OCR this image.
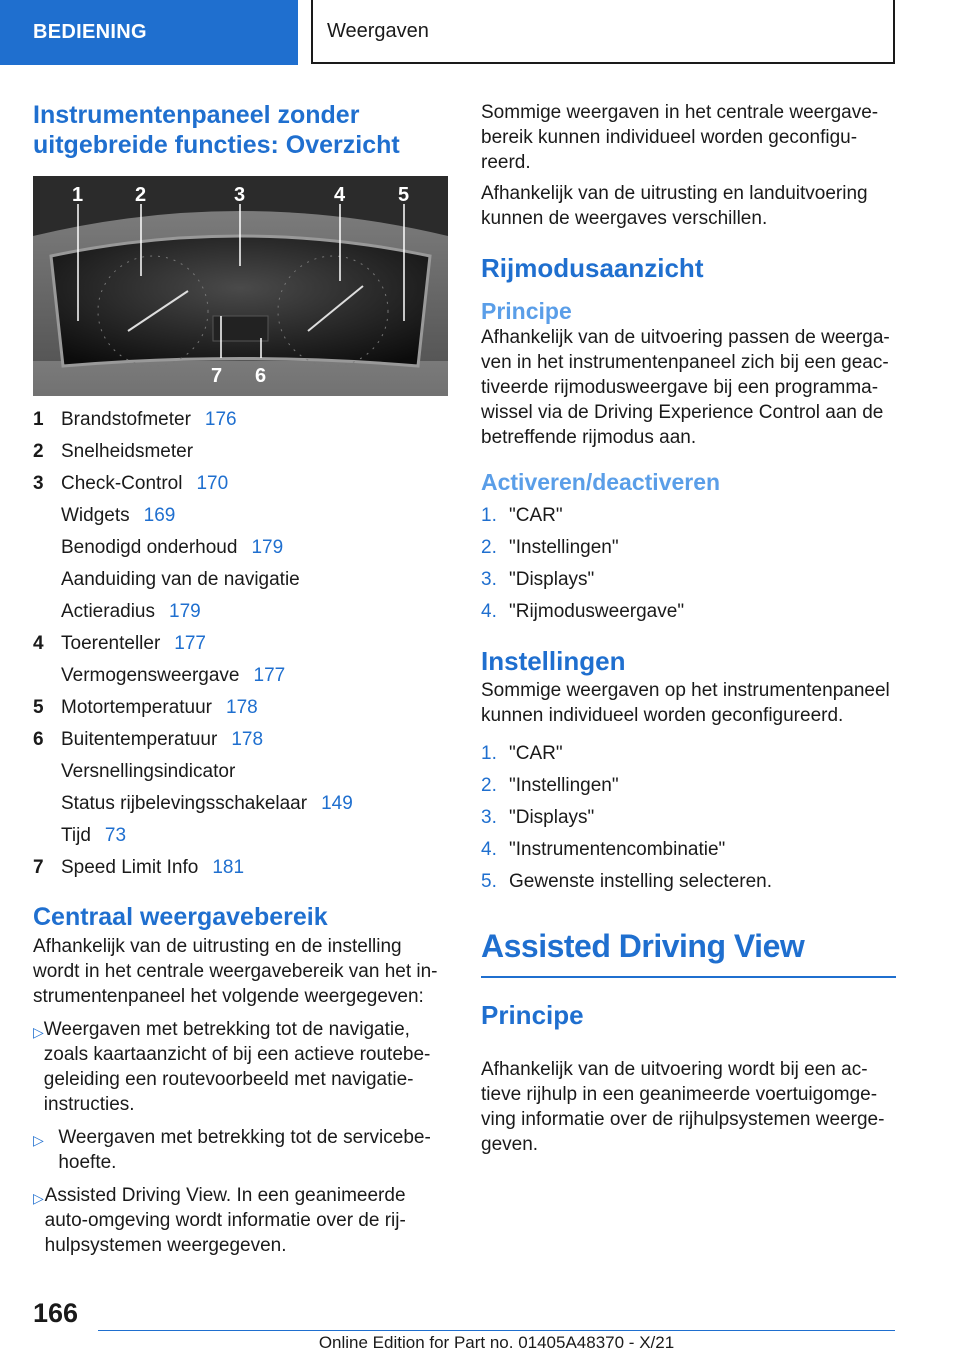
BEDIENING	Weergaven
Instrumentenpaneel zonder uitgebreide functies: Overzicht
1	2	3	4	5
7 6
1 Brandstofmeter 176
2 Snelheidsmeter
3 Check-Control 170
Widgets 169
Benodigd onderhoud 179
Aanduiding van de navigatie
Actieradius 179
4 Toerenteller 177
Vermogensweergave 177
5 Motortemperatuur 178
6 Buitentemperatuur 178
Versnellingsindicator
Status rijbelevingsschakelaar 149
Tijd 73
7 Speed Limit Info 181
Centraal weergavebereik

Afhankelijk van de uitrusting en de instelling wordt in het centrale weergavebereik van het in-strumentenpaneel het volgende weergegeven:

▷ Weergaven met betrekking tot de navigatie, zoals kaartaanzicht of bij een actieve routebe-geleiding een routevoorbeeld met navigatie-instructies.
▷ Weergaven met betrekking tot de servicebe-hoefte.
▷ Assisted Driving View. In een geanimeerde auto-omgeving wordt informatie over de rij-hulpsystemen weergegeven.

Sommige weergaven in het centrale weergave-bereik kunnen individueel worden geconfigu-reerd.

Afhankelijk van de uitrusting en landuitvoering kunnen de weergaves verschillen.

Rijmodusaanzicht
Principe

Afhankelijk van de uitvoering passen de weerga-ven in het instrumentenpaneel zich bij een geac-tiveerde rijmodusweergave bij een programma-wissel via de Driving Experience Control aan de betreffende rijmodus aan.

Activeren/deactiveren
1. "CAR"
2. "Instellingen"
3. "Displays"
4. "Rijmodusweergave"
Instellingen

Sommige weergaven op het instrumentenpaneel kunnen individueel worden geconfigureerd.

1. "CAR"
2. "Instellingen"
3. "Displays"
4. "Instrumentencombinatie"
5. Gewenste instelling selecteren.
Assisted Driving View
Principe

Afhankelijk van de uitvoering wordt bij een ac-tieve rijhulp in een geanimeerde voertuigomge-ving informatie over de rijhulpsystemen weerge-geven.

166
Online Edition for Part no. 01405A48370 - X/21
